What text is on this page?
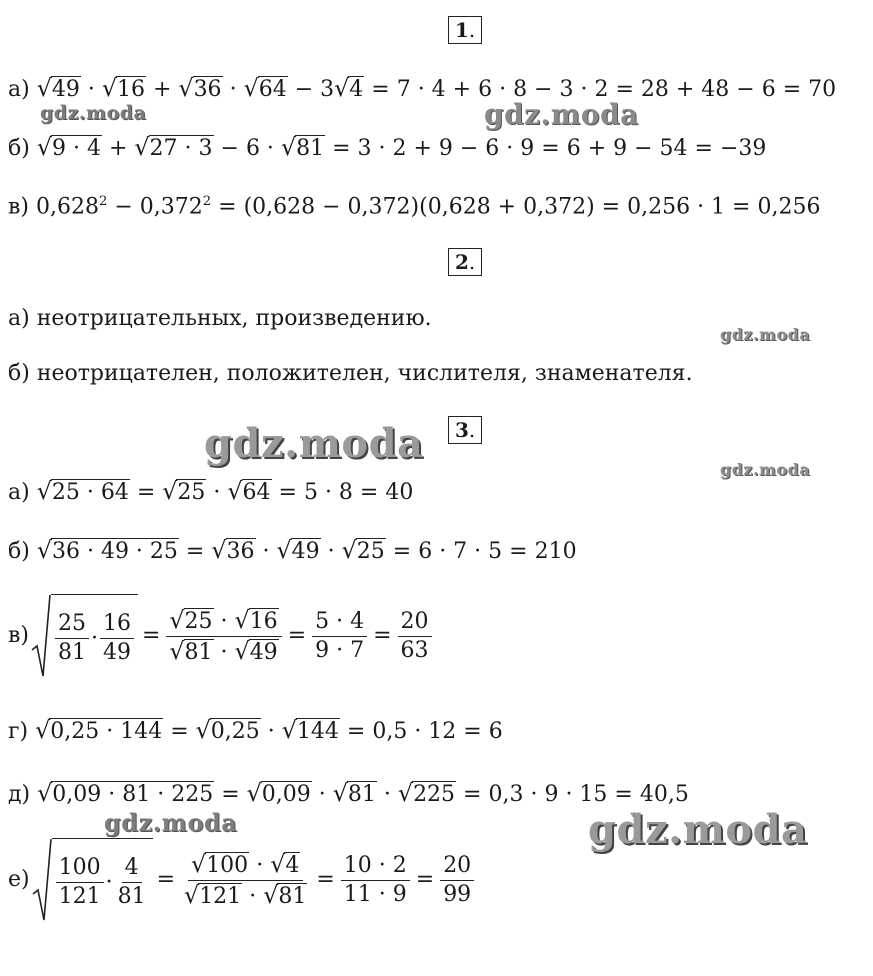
1.
а) √49 · √16 + √36 · √64 − 3√4 = 7 · 4 + 6 · 8 − 3 · 2 = 28 + 48 − 6 = 70
б) √9 · 4 + √27 · 3 − 6 · √81 = 3 · 2 + 9 − 6 · 9 = 6 + 9 − 54 = −39
в) $0,628^2 - 0,372^2 = (0,628 - 0,372)(0,628 + 0,372) = 0,256 \cdot 1 = 0,256$
2.
а) неотрицательных, произведению.
б) неотрицателен, положителен, числителя, знаменателя.
3.
а) √25 · 64 = √25 · √64 = 5 · 8 = 40
б) √36 · 49 · 25 = √36 · √49 · √25 = 6 · 7 · 5 = 210
$в) \frac{25}{81} \cdot \frac{16}{49} = \frac{√25 \cdot √16}{√81 \cdot √49} = \frac{5 \cdot 4}{9 \cdot 7} = \frac{20}{63}$
г) √0,25 · 144 = √0,25 · √144 = 0,5 · 12 = 6
д) √0,09 · 81 · 225 = √0,09 · √81 · √225 = 0,3 · 9 · 15 = 40,5
$е) \frac{100}{121} \cdot \frac{4}{81} = \frac{√100 \cdot √4}{√121 \cdot √81} = \frac{10 \cdot 2}{11 \cdot 9} = \frac{20}{99}$
gdz.moda	gdz.moda
gdz.moda
gdz.moda
gdz.moda
gdz.moda	gdz.moda
